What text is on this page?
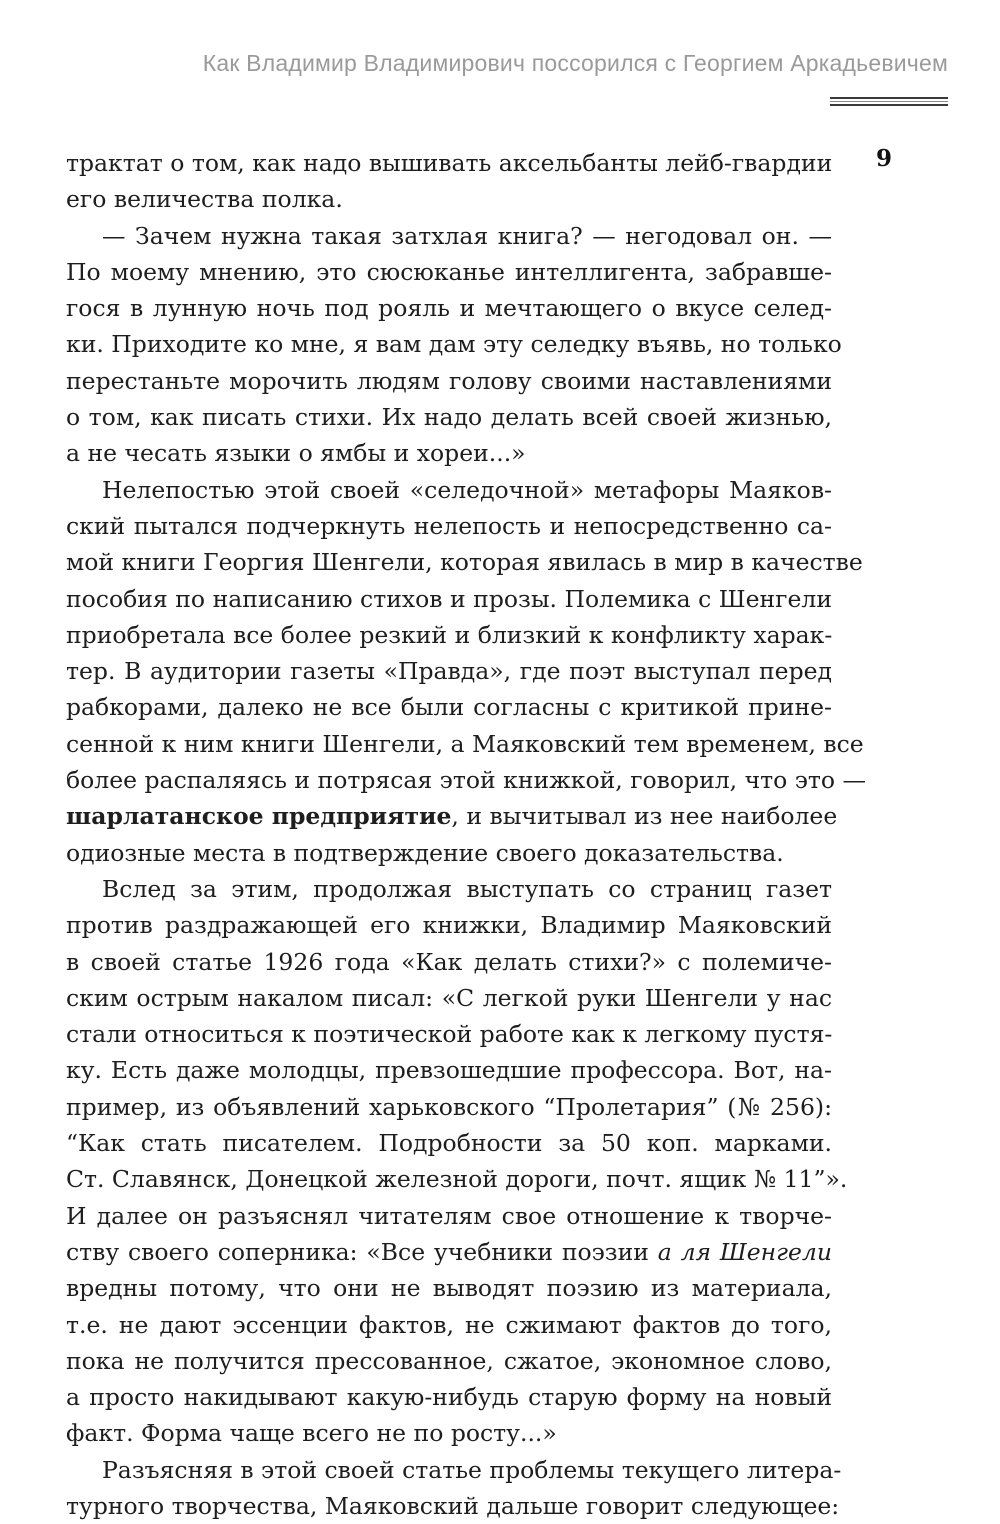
Как Владимир Владимирович поссорился с Георгием Аркадьевичем
9
трактат о том, как надо вышивать аксельбанты лейб-гвардии
его величества полка.
— Зачем нужна такая затхлая книга? — негодовал он. —
По моему мнению, это сюсюканье интеллигента, забравше-
гося в лунную ночь под рояль и мечтающего о вкусе селед-
ки. Приходите ко мне, я вам дам эту селедку въявь, но только
перестаньте морочить людям голову своими наставлениями
о том, как писать стихи. Их надо делать всей своей жизнью,
а не чесать языки о ямбы и хореи...»
Нелепостью этой своей «селедочной» метафоры Маяков-
ский пытался подчеркнуть нелепость и непосредственно са-
мой книги Георгия Шенгели, которая явилась в мир в качестве
пособия по написанию стихов и прозы. Полемика с Шенгели
приобретала все более резкий и близкий к конфликту харак-
тер. В аудитории газеты «Правда», где поэт выступал перед
рабкорами, далеко не все были согласны с критикой прине-
сенной к ним книги Шенгели, а Маяковский тем временем, все
более распаляясь и потрясая этой книжкой, говорил, что это —
шарлатанское предприятие, и вычитывал из нее наиболее
одиозные места в подтверждение своего доказательства.
Вслед за этим, продолжая выступать со страниц газет
против раздражающей его книжки, Владимир Маяковский
в своей статье 1926 года «Как делать стихи?» с полемиче-
ским острым накалом писал: «С легкой руки Шенгели у нас
стали относиться к поэтической работе как к легкому пустя-
ку. Есть даже молодцы, превзошедшие профессора. Вот, на-
пример, из объявлений харьковского “Пролетария” (№ 256):
“Как стать писателем. Подробности за 50 коп. марками.
Ст. Славянск, Донецкой железной дороги, почт. ящик № 11”».
И далее он разъяснял читателям свое отношение к творче-
ству своего соперника: «Все учебники поэзии а ля Шенгели
вредны потому, что они не выводят поэзию из материала,
т.е. не дают эссенции фактов, не сжимают фактов до того,
пока не получится прессованное, сжатое, экономное слово,
а просто накидывают какую-нибудь старую форму на новый
факт. Форма чаще всего не по росту...»
Разъясняя в этой своей статье проблемы текущего литера-
турного творчества, Маяковский дальше говорит следующее:
